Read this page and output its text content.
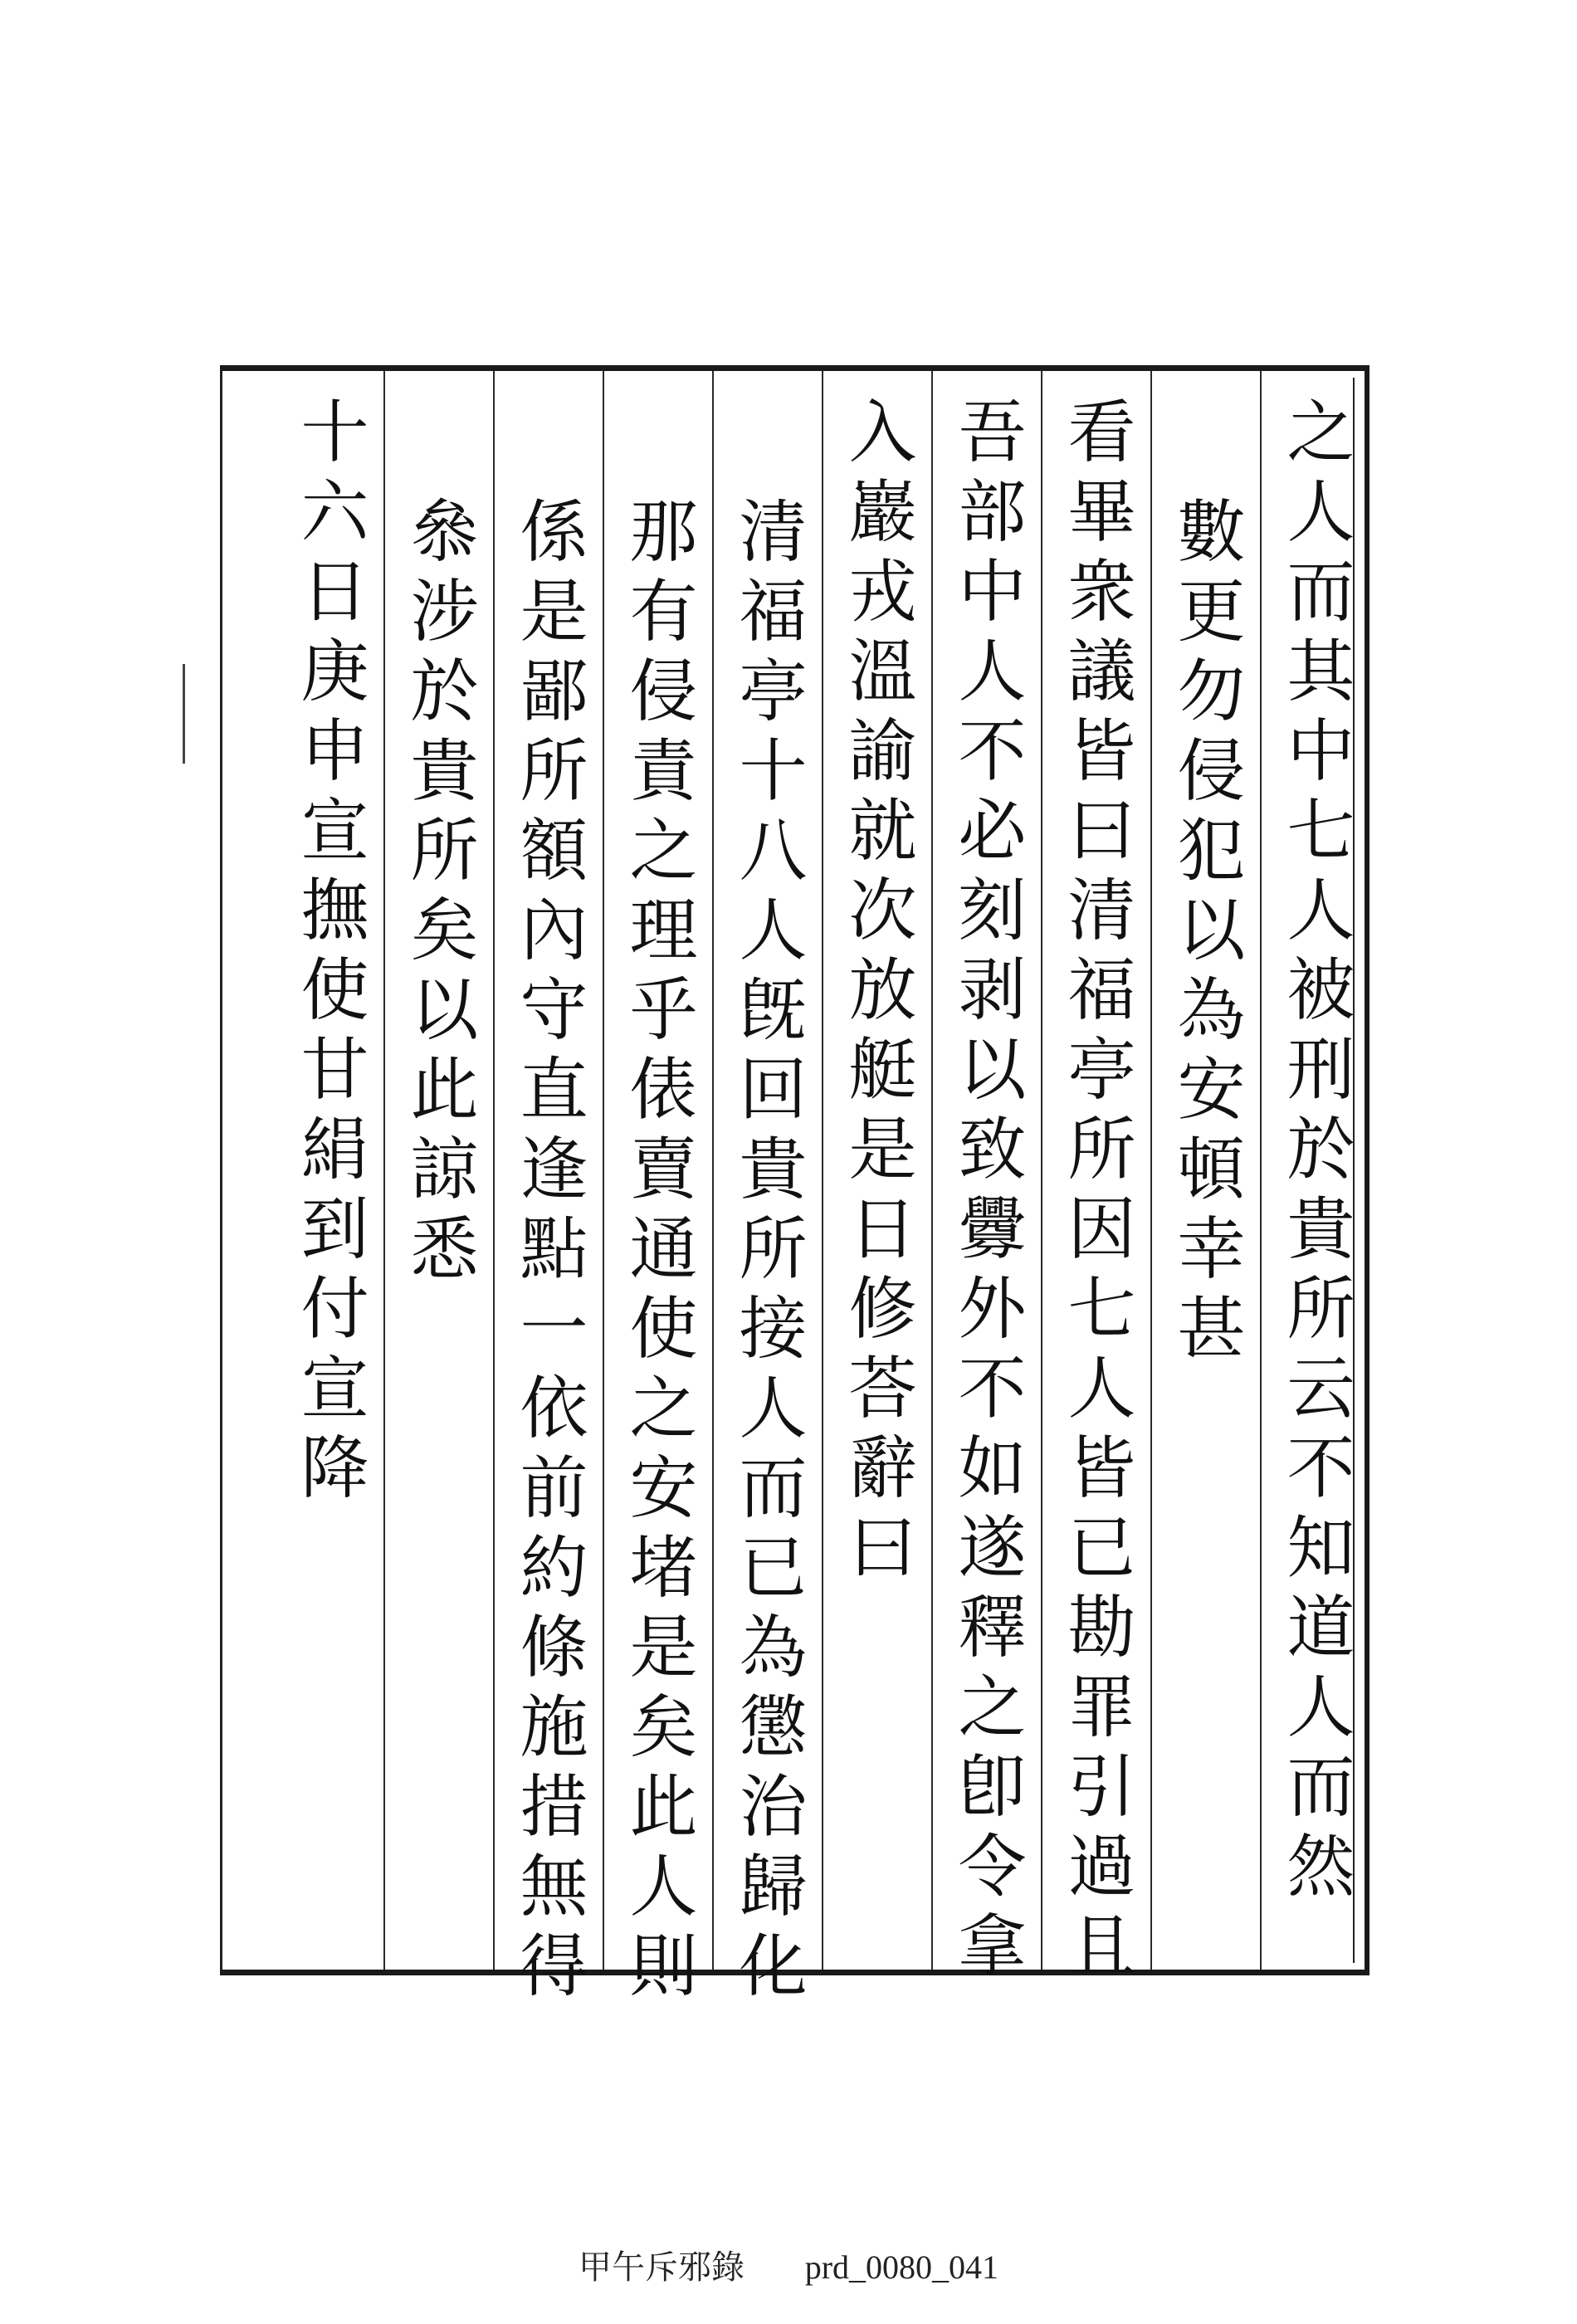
之人而其中七人被刑於貴所云不知道人而然
數更勿侵犯以為安頓幸甚
看畢衆議皆曰清福亭所因七人皆已勘罪引過且
吾部中人不必刻剥以致釁外不如遂釋之卽令拿
入巖戎溫諭就次放艇是日修荅辭曰
清福亭十八人旣回貴所接人而已為懲治歸化
那有侵責之理乎俵賣通使之安堵是矣此人則
係是鄙所額內守直逢點一依前約條施措無得
叅涉於貴所矣以此諒悉
十六日庚申宣撫使甘絹到付宣降
甲午斥邪錄 prd_0080_041
